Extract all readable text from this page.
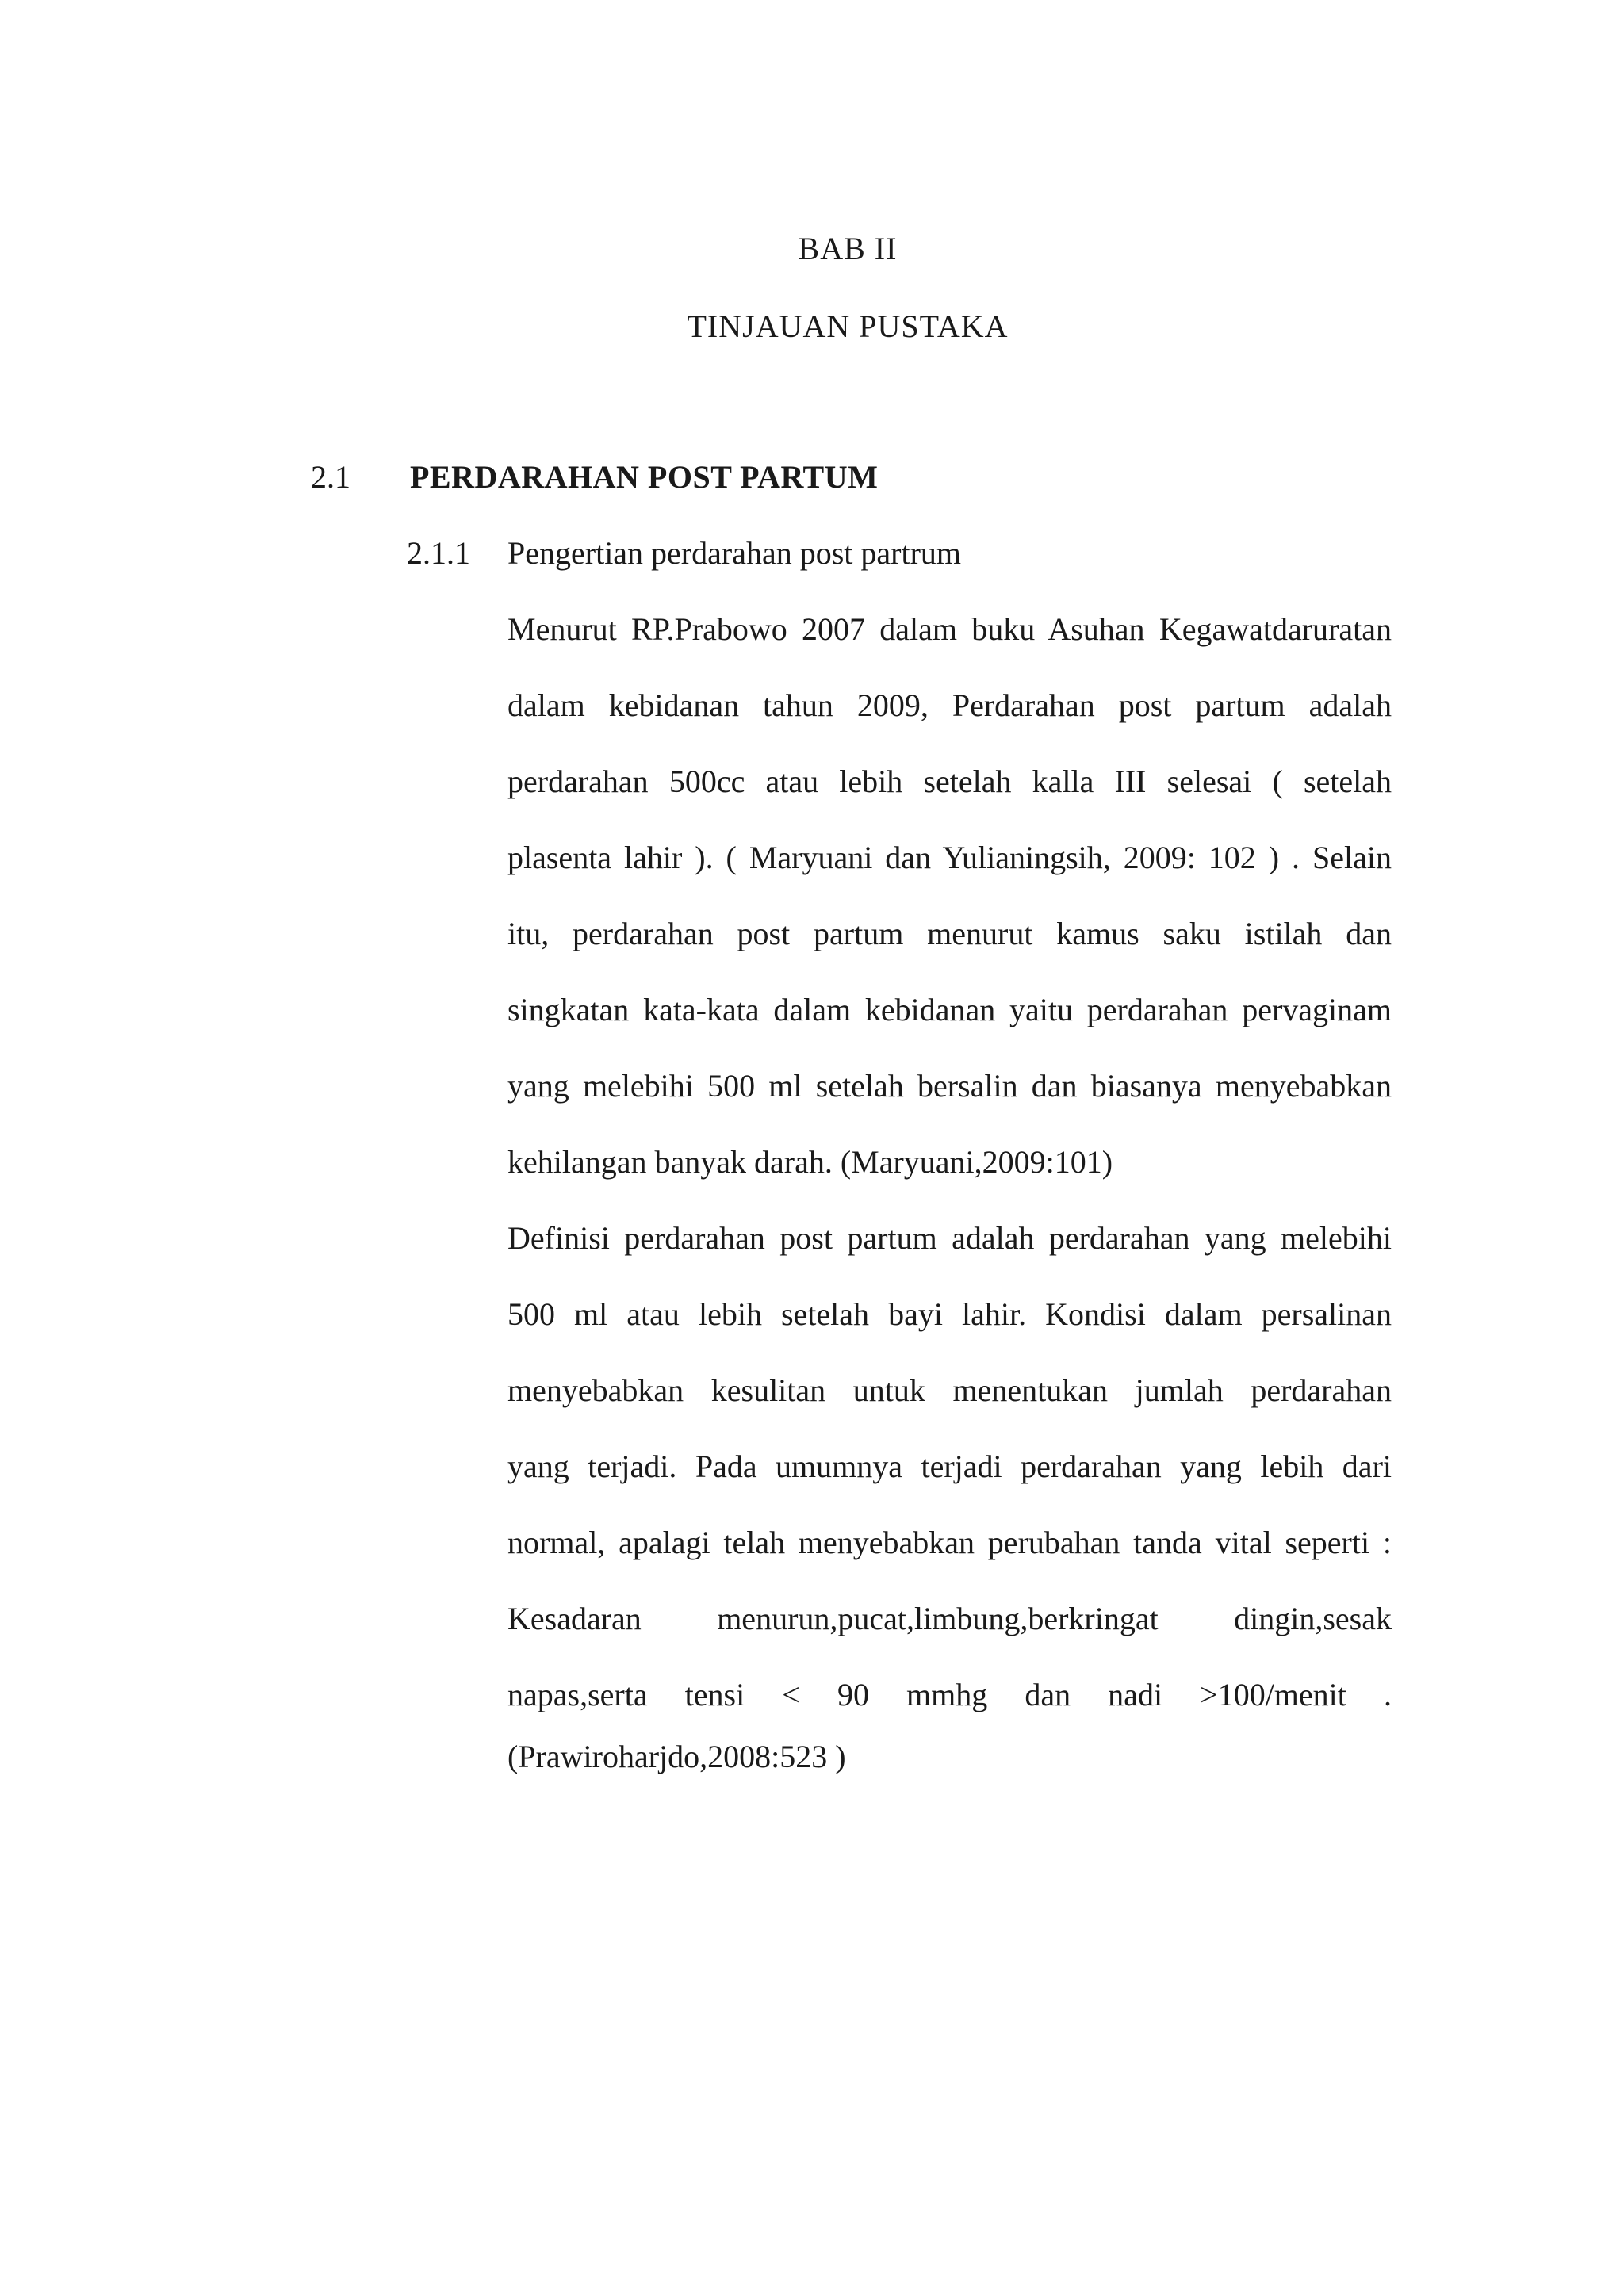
BAB II
TINJAUAN PUSTAKA
2.1 PERDARAHAN POST PARTUM
2.1.1 Pengertian perdarahan post partrum
Menurut RP.Prabowo 2007 dalam buku Asuhan Kegawatdaruratan
dalam kebidanan tahun 2009, Perdarahan post partum adalah
perdarahan 500cc atau lebih setelah kalla III selesai ( setelah
plasenta lahir ). ( Maryuani dan Yulianingsih, 2009: 102 ) . Selain
itu, perdarahan post partum menurut kamus saku istilah dan
singkatan kata-kata dalam kebidanan yaitu perdarahan pervaginam
yang melebihi 500 ml setelah bersalin dan biasanya menyebabkan
kehilangan banyak darah. (Maryuani,2009:101)
Definisi perdarahan post partum adalah perdarahan yang melebihi
500 ml atau lebih setelah bayi lahir. Kondisi dalam persalinan
menyebabkan kesulitan untuk menentukan jumlah perdarahan
yang terjadi. Pada umumnya terjadi perdarahan yang lebih dari
normal, apalagi telah menyebabkan perubahan tanda vital seperti :
Kesadaran menurun,pucat,limbung,berkringat dingin,sesak
napas,serta tensi < 90 mmhg dan nadi >100/menit .
(Prawiroharjdo,2008:523 )
